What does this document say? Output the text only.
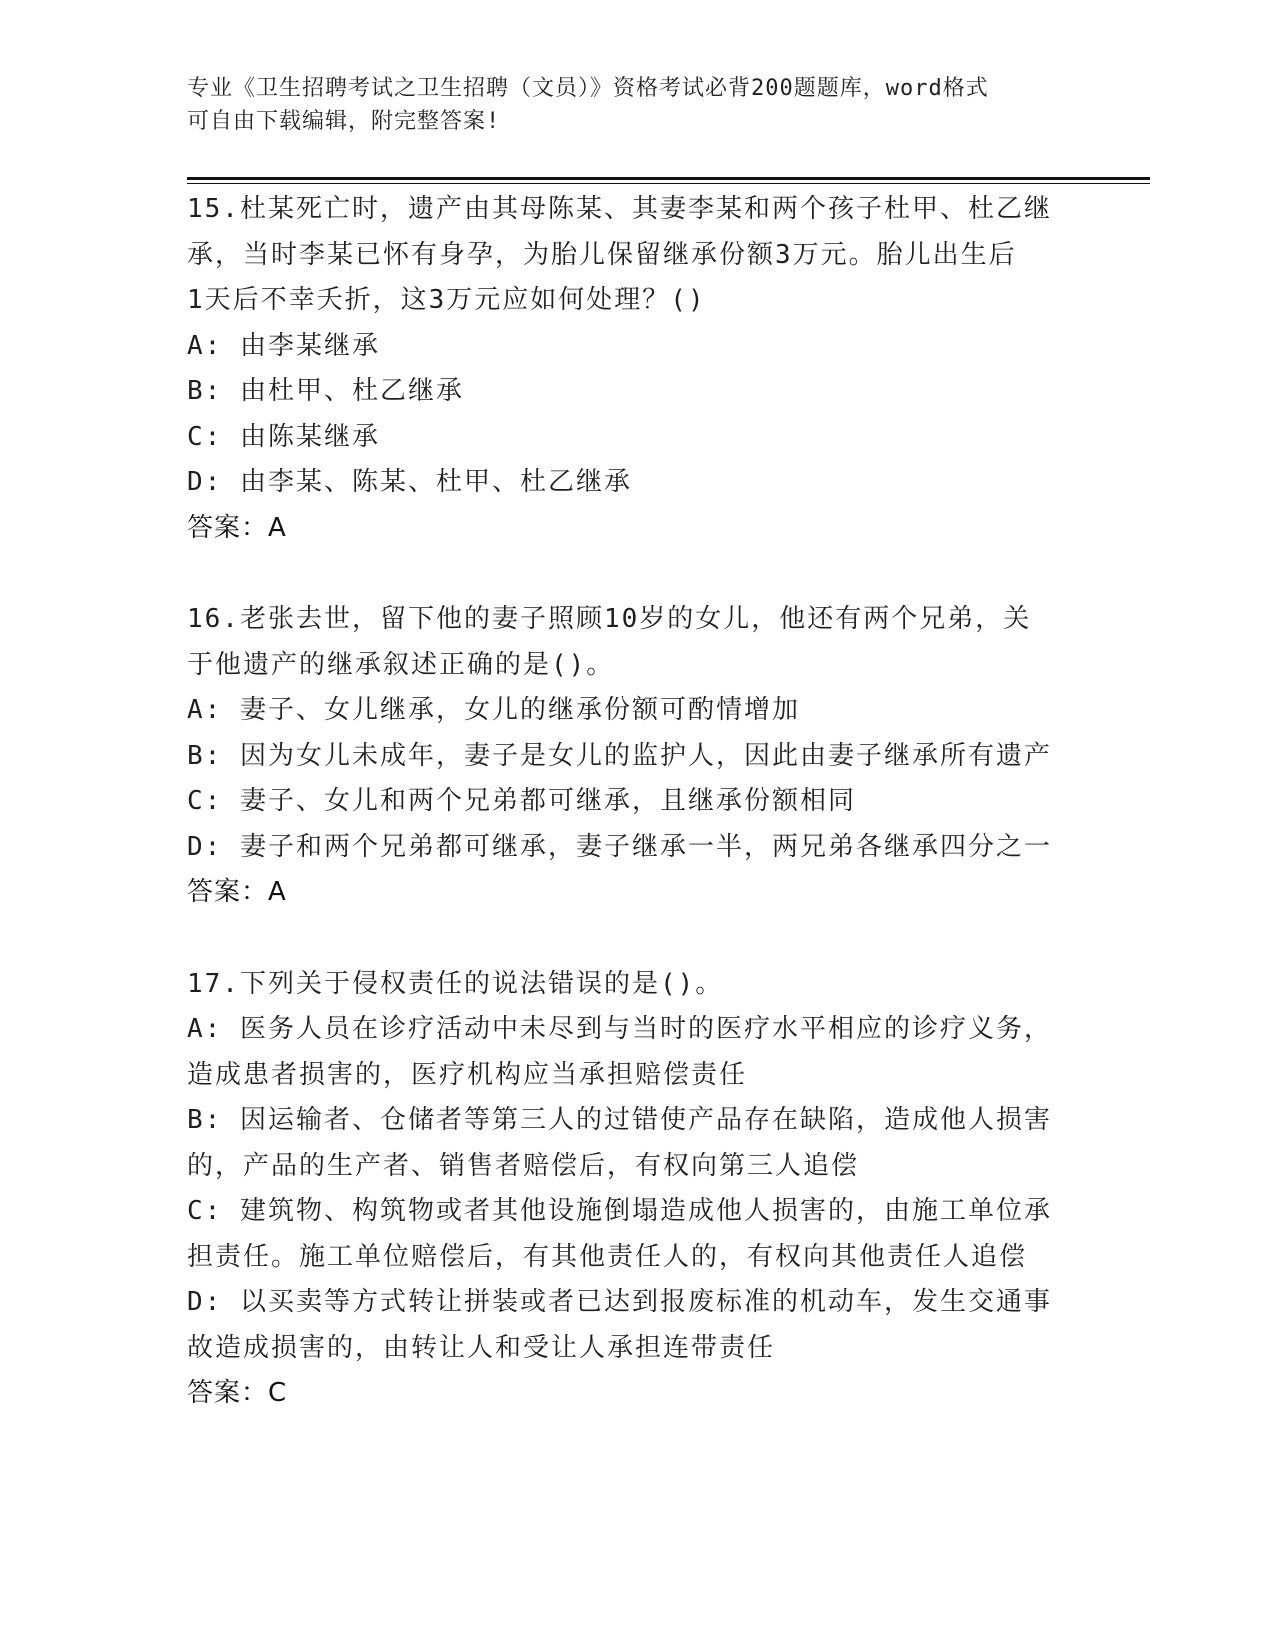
专业《卫生招聘考试之卫生招聘（文员）》资格考试必背200题题库，word格式
可自由下载编辑，附完整答案!
15.杜某死亡时，遗产由其母陈某、其妻李某和两个孩子杜甲、杜乙继
承，当时李某已怀有身孕，为胎儿保留继承份额3万元。胎儿出生后
1天后不幸夭折，这3万元应如何处理？()
A: 由李某继承
B: 由杜甲、杜乙继承
C: 由陈某继承
D: 由李某、陈某、杜甲、杜乙继承
答案：A
16.老张去世，留下他的妻子照顾10岁的女儿，他还有两个兄弟，关
于他遗产的继承叙述正确的是()。
A: 妻子、女儿继承，女儿的继承份额可酌情增加
B: 因为女儿未成年，妻子是女儿的监护人，因此由妻子继承所有遗产
C: 妻子、女儿和两个兄弟都可继承，且继承份额相同
D: 妻子和两个兄弟都可继承，妻子继承一半，两兄弟各继承四分之一
答案：A
17.下列关于侵权责任的说法错误的是()。
A: 医务人员在诊疗活动中未尽到与当时的医疗水平相应的诊疗义务，
造成患者损害的，医疗机构应当承担赔偿责任
B: 因运输者、仓储者等第三人的过错使产品存在缺陷，造成他人损害
的，产品的生产者、销售者赔偿后，有权向第三人追偿
C: 建筑物、构筑物或者其他设施倒塌造成他人损害的，由施工单位承
担责任。施工单位赔偿后，有其他责任人的，有权向其他责任人追偿
D: 以买卖等方式转让拼装或者已达到报废标准的机动车，发生交通事
故造成损害的，由转让人和受让人承担连带责任
答案：C
